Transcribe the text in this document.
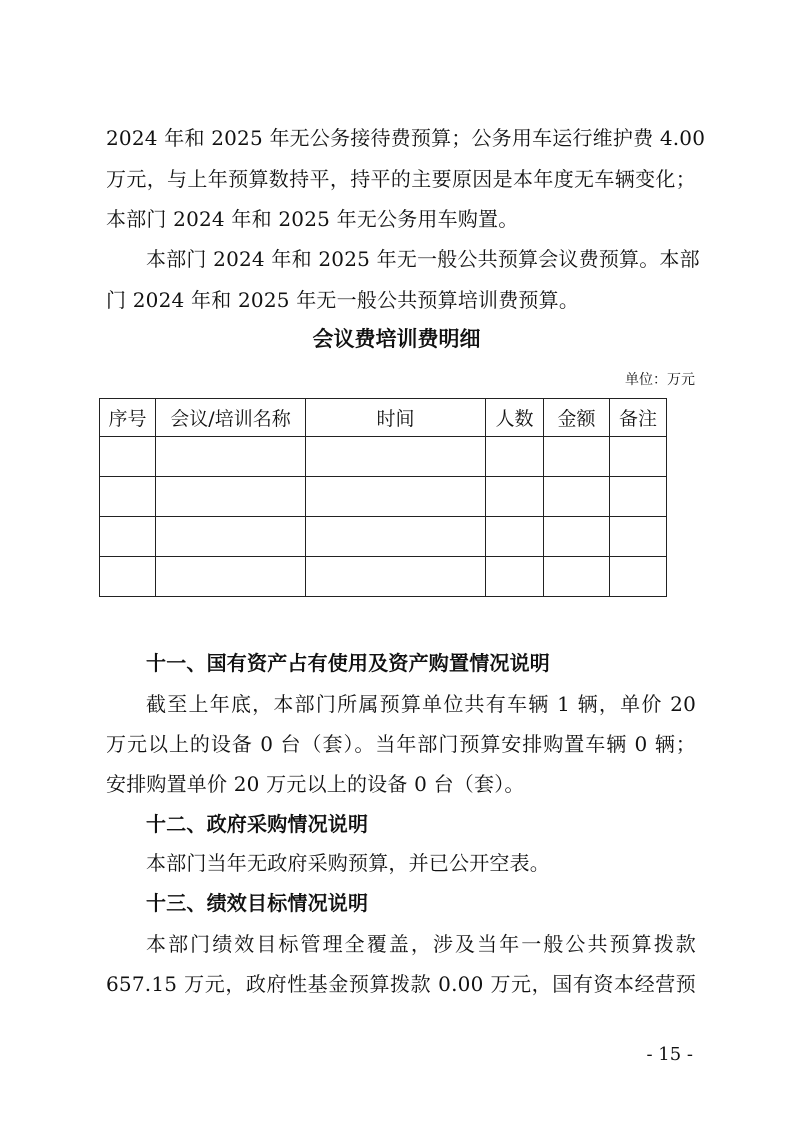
2024 年和 2025 年无公务接待费预算；公务用车运行维护费 4.00
万元，与上年预算数持平，持平的主要原因是本年度无车辆变化；
本部门 2024 年和 2025 年无公务用车购置。
本部门 2024 年和 2025 年无一般公共预算会议费预算。本部
门 2024 年和 2025 年无一般公共预算培训费预算。
会议费培训费明细
单位：万元
序号	会议/培训名称	时间	人数	金额	备注

十一、国有资产占有使用及资产购置情况说明
截至上年底，本部门所属预算单位共有车辆 1 辆，单价 20
万元以上的设备 0 台（套）。当年部门预算安排购置车辆 0 辆；
安排购置单价 20 万元以上的设备 0 台（套）。
十二、政府采购情况说明
本部门当年无政府采购预算，并已公开空表。
十三、绩效目标情况说明
本部门绩效目标管理全覆盖，涉及当年一般公共预算拨款
657.15 万元，政府性基金预算拨款 0.00 万元，国有资本经营预
- 15 -
